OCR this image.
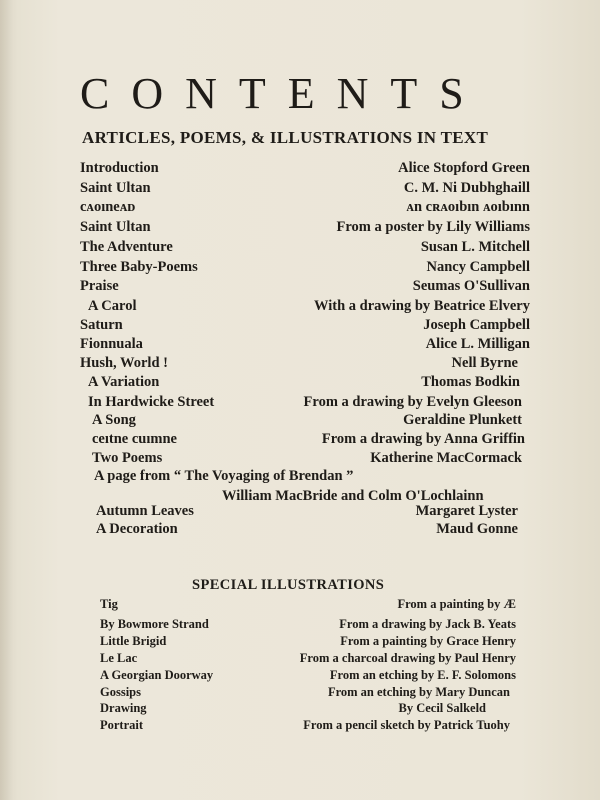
CONTENTS
ARTICLES, POEMS, & ILLUSTRATIONS IN TEXT
Introduction	Alice Stopford Green
Saint Ultan	C. M. Ni Dubhghaill
cᴀoıneᴀᴅ	ᴀn cʀᴀoıbın ᴀoıbınn
Saint Ultan	From a poster by Lily Williams
The Adventure	Susan L. Mitchell
Three Baby-Poems	Nancy Campbell
Praise	Seumas O'Sullivan
A Carol	With a drawing by Beatrice Elvery
Saturn	Joseph Campbell
Fionnuala	Alice L. Milligan
Hush, World !	Nell Byrne
A Variation	Thomas Bodkin
In Hardwicke Street	From a drawing by Evelyn Gleeson
A Song	Geraldine Plunkett
ceıtne cuımne	From a drawing by Anna Griffin
Two Poems	Katherine MacCormack
A page from “ The Voyaging of Brendan ”
William MacBride and Colm O'Lochlainn
Autumn Leaves	Margaret Lyster
A Decoration	Maud Gonne
SPECIAL ILLUSTRATIONS
Tig	From a painting by Æ
By Bowmore Strand	From a drawing by Jack B. Yeats
Little Brigid	From a painting by Grace Henry
Le Lac	From a charcoal drawing by Paul Henry
A Georgian Doorway	From an etching by E. F. Solomons
Gossips	From an etching by Mary Duncan
Drawing	By Cecil Salkeld
Portrait	From a pencil sketch by Patrick Tuohy
